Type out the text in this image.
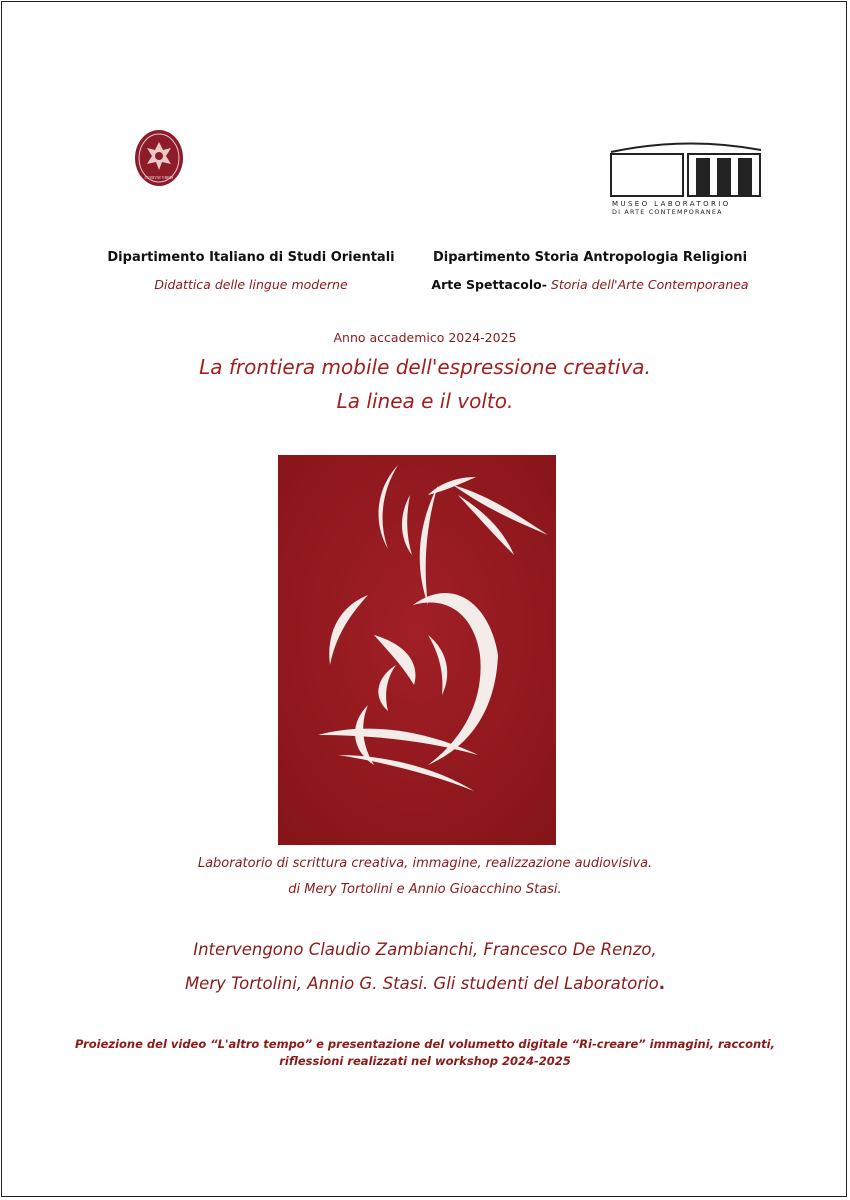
CVRIVM VRBIS
MUSEO LABORATORIO
DI ARTE CONTEMPORANEA
Dipartimento Italiano di Studi Orientali
Didattica delle lingue moderne
Dipartimento Storia Antropologia Religioni
Arte Spettacolo- Storia dell'Arte Contemporanea
Anno accademico 2024-2025
La frontiera mobile dell'espressione creativa.
La linea e il volto.
Laboratorio di scrittura creativa, immagine, realizzazione audiovisiva.
di Mery Tortolini e Annio Gioacchino Stasi.
Intervengono Claudio Zambianchi, Francesco De Renzo,
Mery Tortolini, Annio G. Stasi. Gli studenti del Laboratorio.
Proiezione del video “L'altro tempo” e presentazione del volumetto digitale “Ri-creare” immagini, racconti,
riflessioni realizzati nel workshop 2024-2025
